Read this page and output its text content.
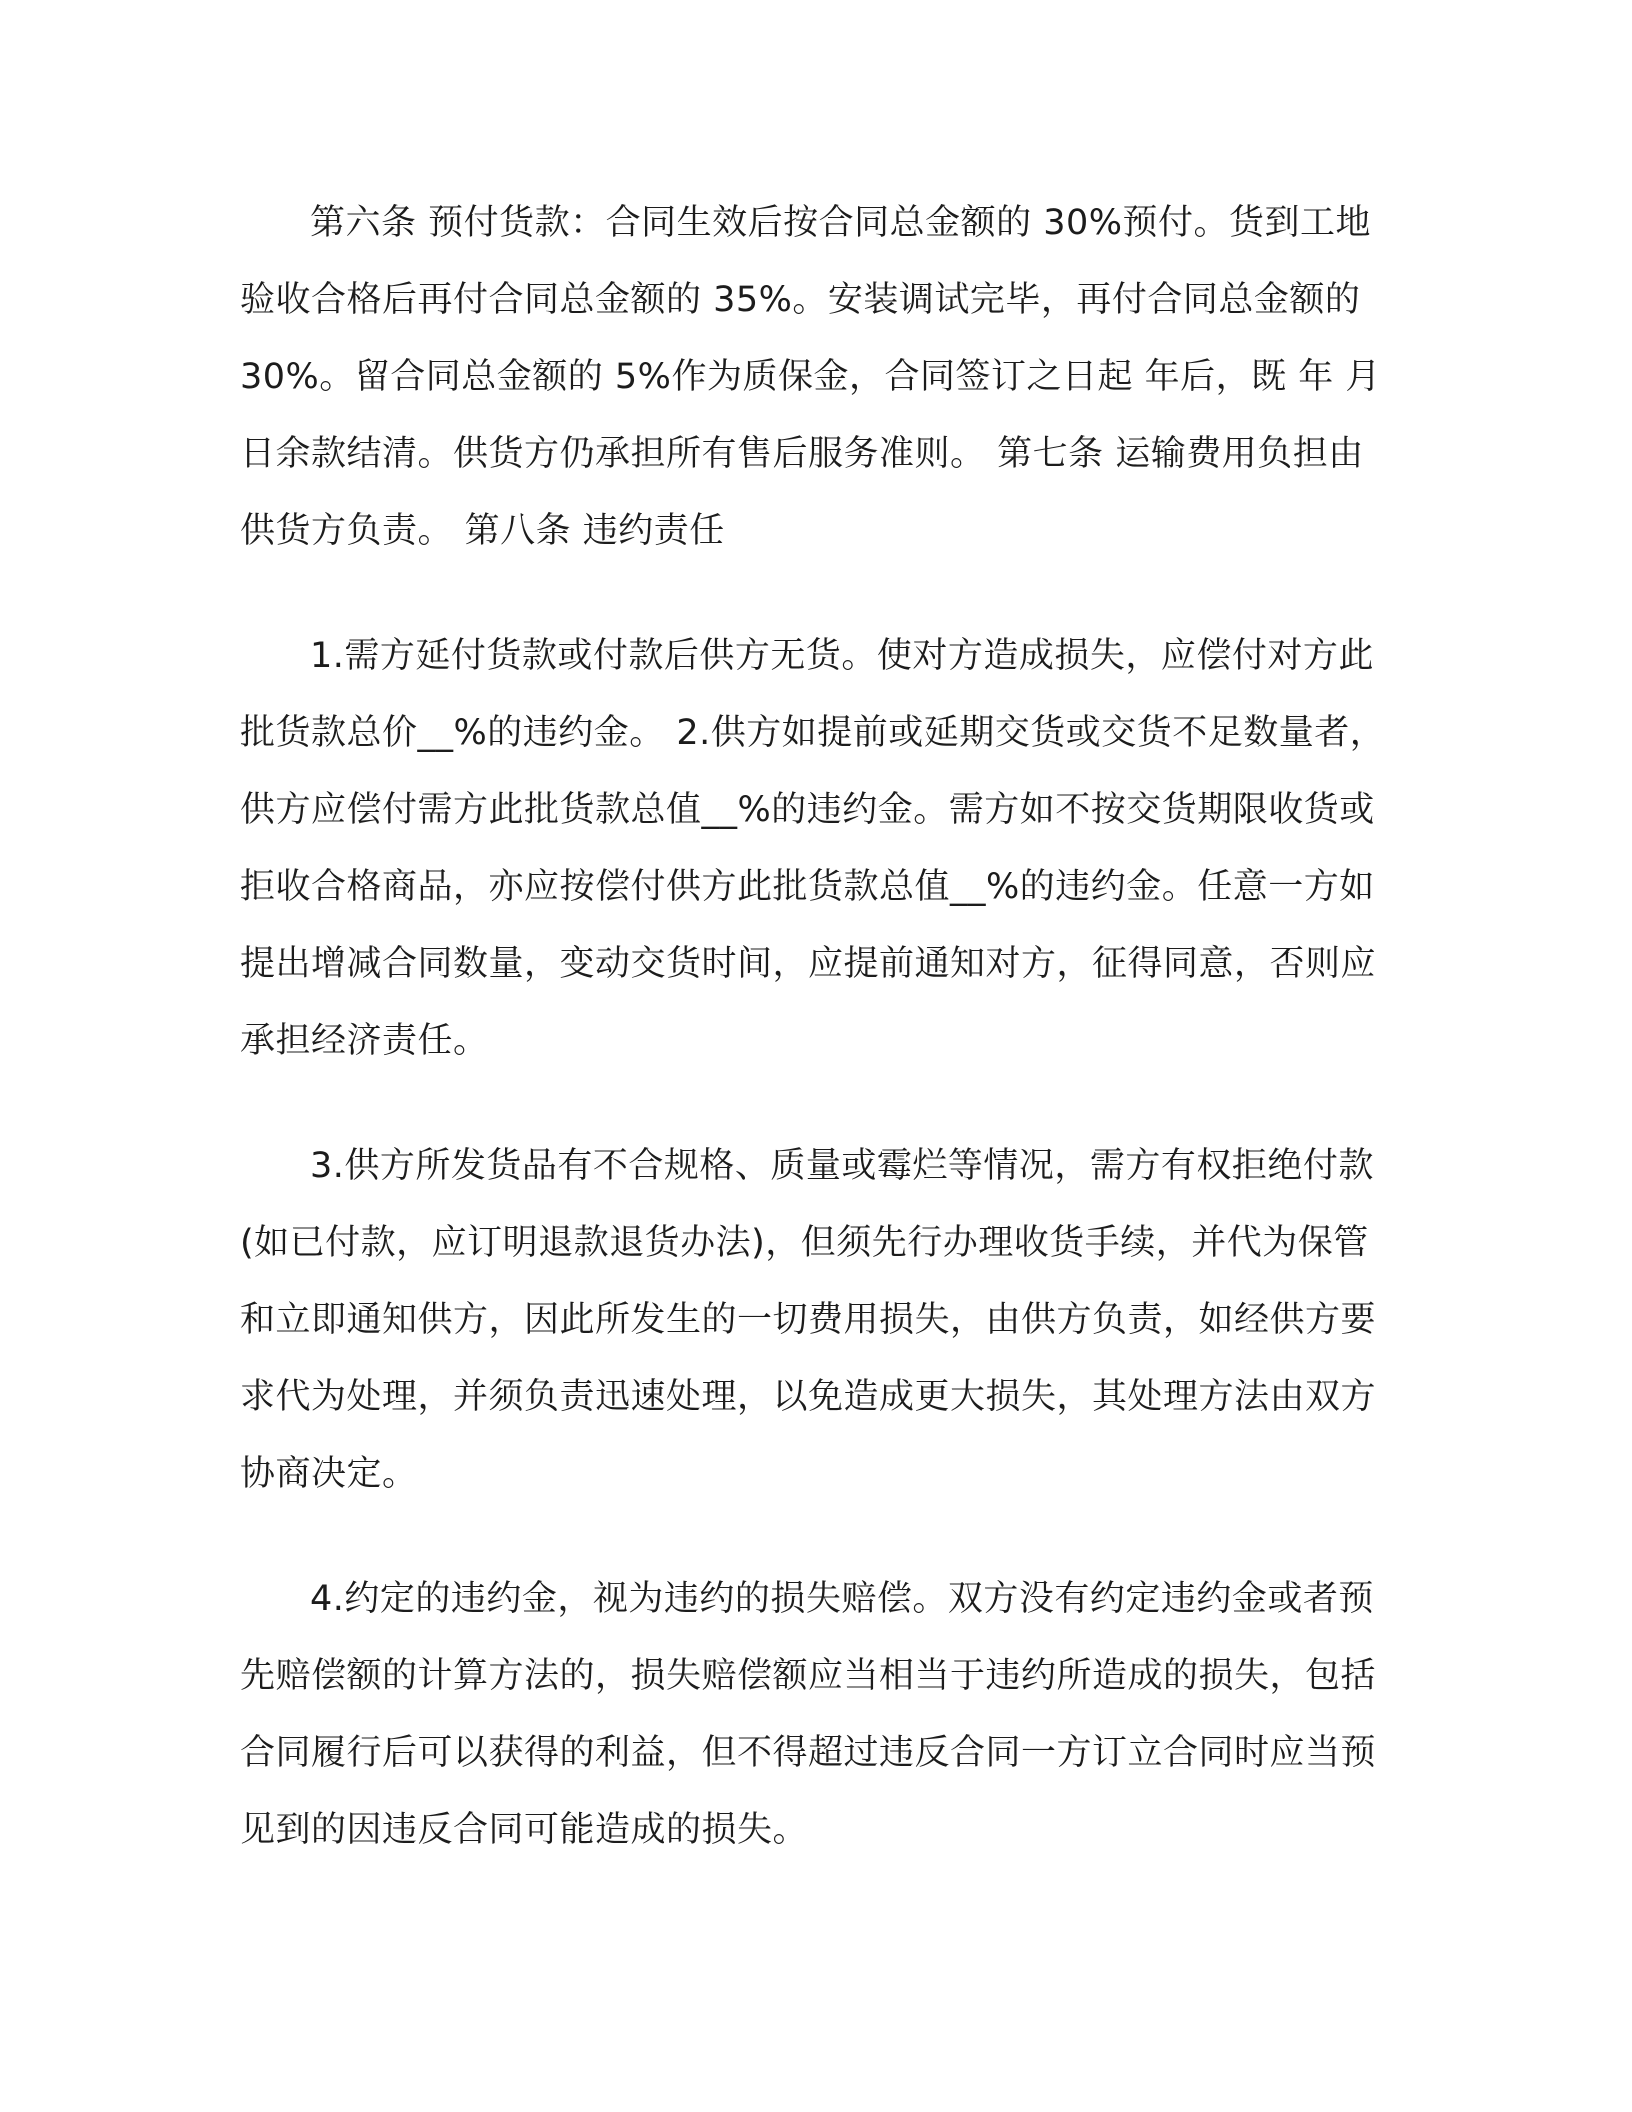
第六条 预付货款：合同生效后按合同总金额的 30%预付。货到工地验收合格后再付合同总金额的 35%。安装调试完毕，再付合同总金额的 30%。留合同总金额的 5%作为质保金，合同签订之日起 年后，既 年 月 日余款结清。供货方仍承担所有售后服务准则。 第七条 运输费用负担由供货方负责。 第八条 违约责任

1.需方延付货款或付款后供方无货。使对方造成损失，应偿付对方此批货款总价__%的违约金。 2.供方如提前或延期交货或交货不足数量者，供方应偿付需方此批货款总值__%的违约金。需方如不按交货期限收货或拒收合格商品，亦应按偿付供方此批货款总值__%的违约金。任意一方如提出增减合同数量，变动交货时间，应提前通知对方，征得同意，否则应承担经济责任。

3.供方所发货品有不合规格、质量或霉烂等情况，需方有权拒绝付款(如已付款，应订明退款退货办法)，但须先行办理收货手续，并代为保管和立即通知供方，因此所发生的一切费用损失，由供方负责，如经供方要求代为处理，并须负责迅速处理，以免造成更大损失，其处理方法由双方协商决定。

4.约定的违约金，视为违约的损失赔偿。双方没有约定违约金或者预先赔偿额的计算方法的，损失赔偿额应当相当于违约所造成的损失，包括合同履行后可以获得的利益，但不得超过违反合同一方订立合同时应当预见到的因违反合同可能造成的损失。
